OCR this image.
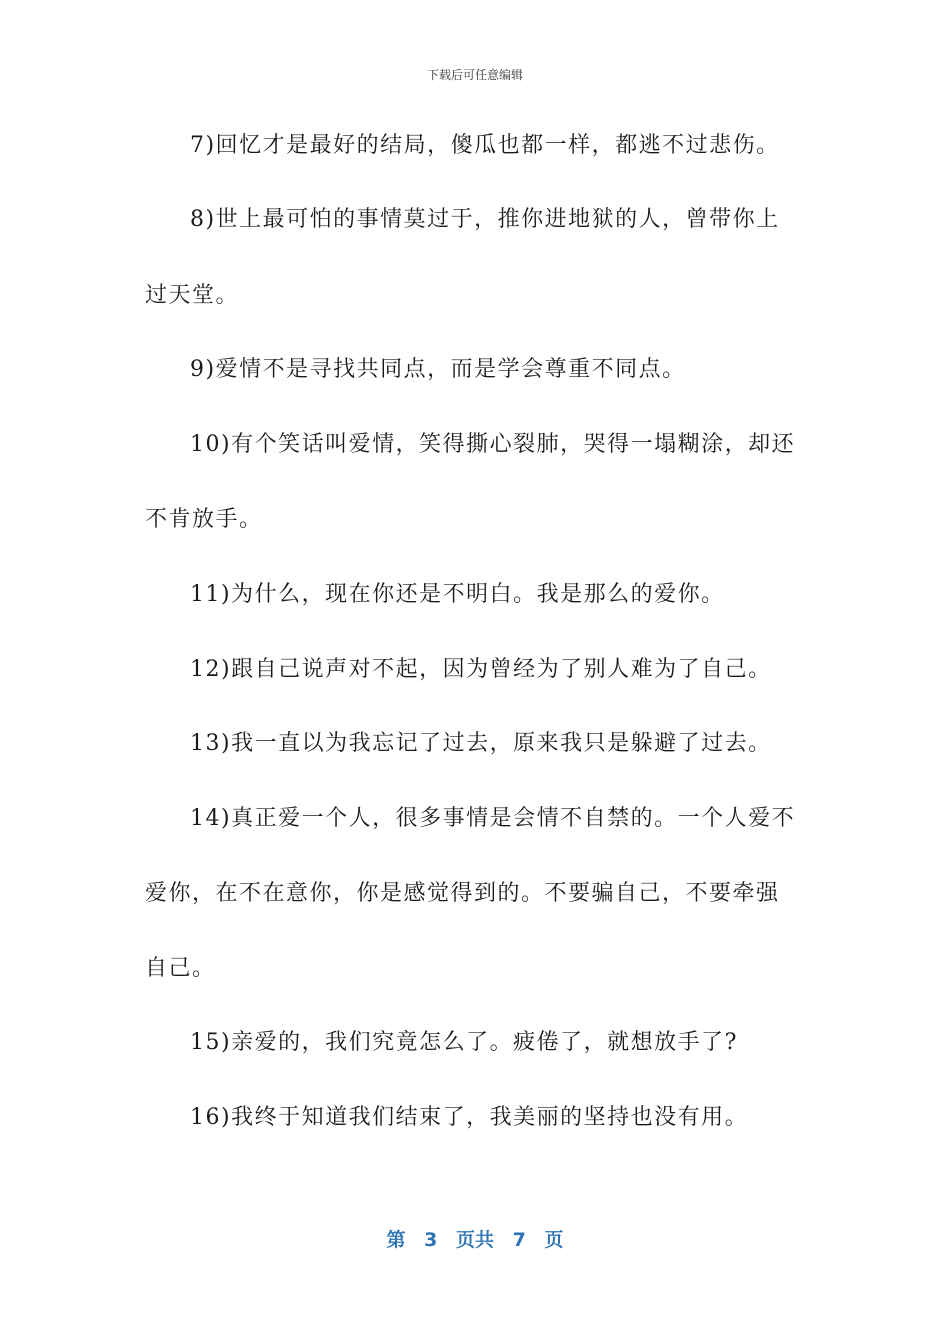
下载后可任意编辑
7)回忆才是最好的结局，傻瓜也都一样，都逃不过悲伤。
8)世上最可怕的事情莫过于，推你进地狱的人，曾带你上
过天堂。
9)爱情不是寻找共同点，而是学会尊重不同点。
10)有个笑话叫爱情，笑得撕心裂肺，哭得一塌糊涂，却还
不肯放手。
11)为什么，现在你还是不明白。我是那么的爱你。
12)跟自己说声对不起，因为曾经为了别人难为了自己。
13)我一直以为我忘记了过去，原来我只是躲避了过去。
14)真正爱一个人，很多事情是会情不自禁的。一个人爱不
爱你，在不在意你，你是感觉得到的。不要骗自己，不要牵强
自己。
15)亲爱的，我们究竟怎么了。疲倦了，就想放手了?
16)我终于知道我们结束了，我美丽的坚持也没有用。
第 3 页共 7 页
